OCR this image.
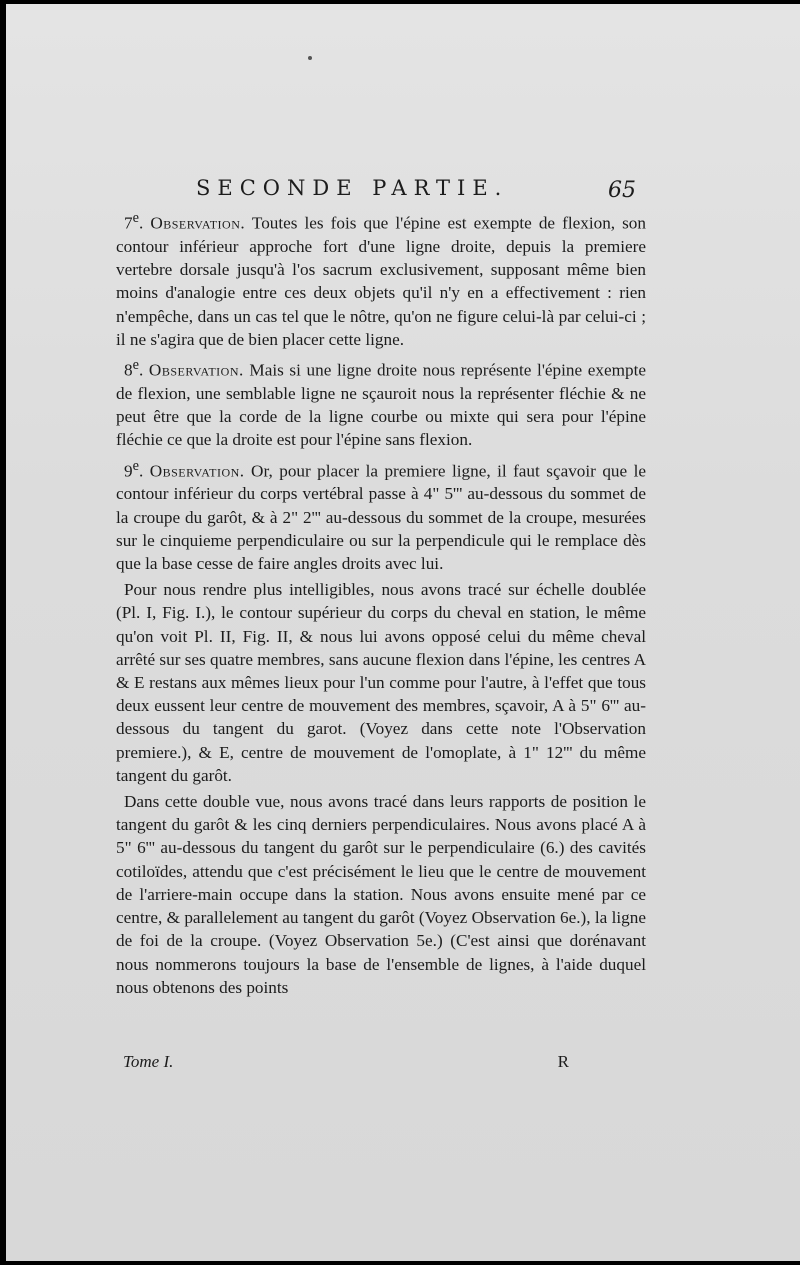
SECONDE PARTIE.	65

7e. Observation. Toutes les fois que l'épine est exempte de flexion, son contour inférieur approche fort d'une ligne droite, depuis la premiere vertebre dorsale jusqu'à l'os sacrum exclusivement, supposant même bien moins d'analogie entre ces deux objets qu'il n'y en a effectivement : rien n'empêche, dans un cas tel que le nôtre, qu'on ne figure celui-là par celui-ci ; il ne s'agira que de bien placer cette ligne.

8e. Observation. Mais si une ligne droite nous représente l'épine exempte de flexion, une semblable ligne ne sçauroit nous la représenter fléchie & ne peut être que la corde de la ligne courbe ou mixte qui sera pour l'épine fléchie ce que la droite est pour l'épine sans flexion.

9e. Observation. Or, pour placer la premiere ligne, il faut sçavoir que le contour inférieur du corps vertébral passe à 4" 5''' au-dessous du sommet de la croupe du garôt, & à 2" 2''' au-dessous du sommet de la croupe, mesurées sur le cinquieme perpendiculaire ou sur la perpendicule qui le remplace dès que la base cesse de faire angles droits avec lui.

Pour nous rendre plus intelligibles, nous avons tracé sur échelle doublée (Pl. I, Fig. I.), le contour supérieur du corps du cheval en station, le même qu'on voit Pl. II, Fig. II, & nous lui avons opposé celui du même cheval arrêté sur ses quatre membres, sans aucune flexion dans l'épine, les centres A & E restans aux mêmes lieux pour l'un comme pour l'autre, à l'effet que tous deux eussent leur centre de mouvement des membres, sçavoir, A à 5" 6''' au-dessous du tangent du garot. (Voyez dans cette note l'Observation premiere.), & E, centre de mouvement de l'omoplate, à 1" 12''' du même tangent du garôt.

Dans cette double vue, nous avons tracé dans leurs rapports de position le tangent du garôt & les cinq derniers perpendiculaires. Nous avons placé A à 5" 6''' au-dessous du tangent du garôt sur le perpendiculaire (6.) des cavités cotiloïdes, attendu que c'est précisément le lieu que le centre de mouvement de l'arriere-main occupe dans la station. Nous avons ensuite mené par ce centre, & parallelement au tangent du garôt (Voyez Observation 6e.), la ligne de foi de la croupe. (Voyez Observation 5e.) (C'est ainsi que dorénavant nous nommerons toujours la base de l'ensemble de lignes, à l'aide duquel nous obtenons des points

Tome I.	R
